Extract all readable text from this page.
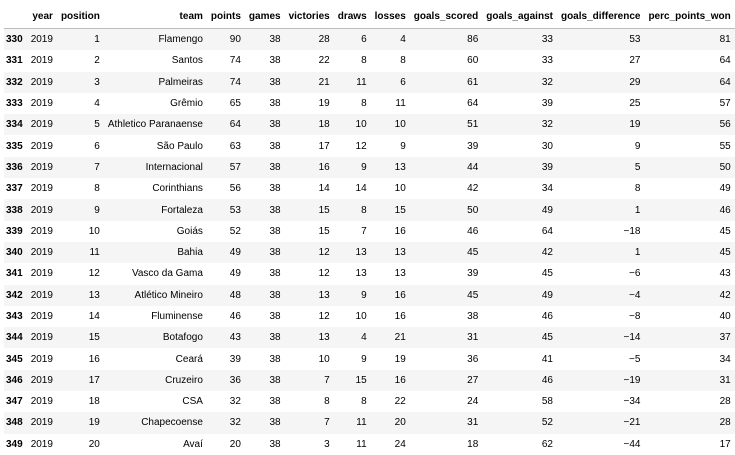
	year	position	team	points	games	victories	draws	losses	goals_scored	goals_against	goals_difference	perc_points_won
330	2019	1	Flamengo	90	38	28	6	4	86	33	53	81
331	2019	2	Santos	74	38	22	8	8	60	33	27	64
332	2019	3	Palmeiras	74	38	21	11	6	61	32	29	64
333	2019	4	Grêmio	65	38	19	8	11	64	39	25	57
334	2019	5	Athletico Paranaense	64	38	18	10	10	51	32	19	56
335	2019	6	São Paulo	63	38	17	12	9	39	30	9	55
336	2019	7	Internacional	57	38	16	9	13	44	39	5	50
337	2019	8	Corinthians	56	38	14	14	10	42	34	8	49
338	2019	9	Fortaleza	53	38	15	8	15	50	49	1	46
339	2019	10	Goiás	52	38	15	7	16	46	64	−18	45
340	2019	11	Bahia	49	38	12	13	13	45	42	1	45
341	2019	12	Vasco da Gama	49	38	12	13	13	39	45	−6	43
342	2019	13	Atlético Mineiro	48	38	13	9	16	45	49	−4	42
343	2019	14	Fluminense	46	38	12	10	16	38	46	−8	40
344	2019	15	Botafogo	43	38	13	4	21	31	45	−14	37
345	2019	16	Ceará	39	38	10	9	19	36	41	−5	34
346	2019	17	Cruzeiro	36	38	7	15	16	27	46	−19	31
347	2019	18	CSA	32	38	8	8	22	24	58	−34	28
348	2019	19	Chapecoense	32	38	7	11	20	31	52	−21	28
349	2019	20	Avaí	20	38	3	11	24	18	62	−44	17
